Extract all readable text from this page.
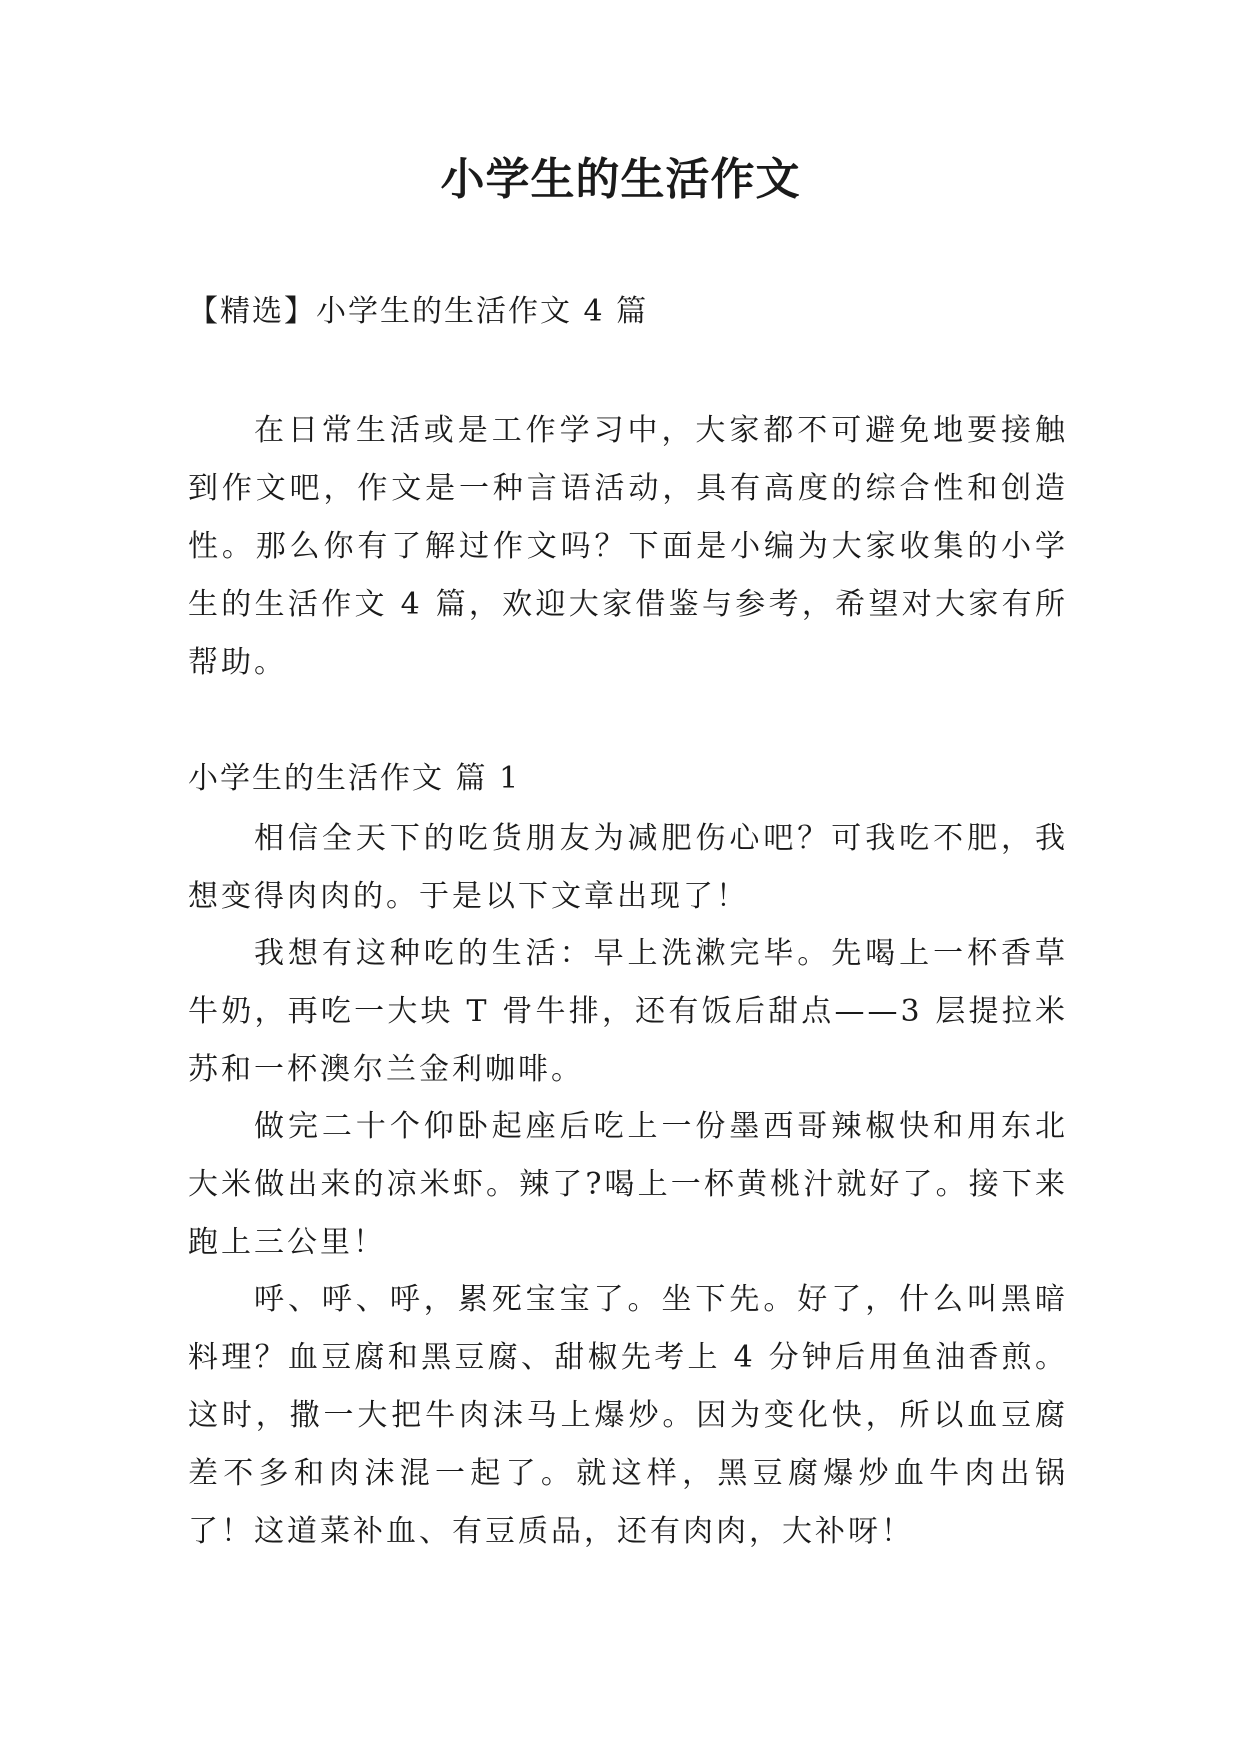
小学生的生活作文

【精选】小学生的生活作文 4 篇

在日常生活或是工作学习中，大家都不可避免地要接触到作文吧，作文是一种言语活动，具有高度的综合性和创造性。那么你有了解过作文吗？下面是小编为大家收集的小学生的生活作文 4 篇，欢迎大家借鉴与参考，希望对大家有所帮助。

小学生的生活作文 篇 1

相信全天下的吃货朋友为减肥伤心吧？可我吃不肥，我想变得肉肉的。于是以下文章出现了！

我想有这种吃的生活：早上洗漱完毕。先喝上一杯香草牛奶，再吃一大块 T 骨牛排，还有饭后甜点——3 层提拉米苏和一杯澳尔兰金利咖啡。

做完二十个仰卧起座后吃上一份墨西哥辣椒快和用东北大米做出来的凉米虾。辣了?喝上一杯黄桃汁就好了。接下来跑上三公里！

呼、呼、呼，累死宝宝了。坐下先。好了，什么叫黑暗料理？血豆腐和黑豆腐、甜椒先考上 4 分钟后用鱼油香煎。这时，撒一大把牛肉沫马上爆炒。因为变化快，所以血豆腐差不多和肉沫混一起了。就这样，黑豆腐爆炒血牛肉出锅了！这道菜补血、有豆质品，还有肉肉，大补呀！
